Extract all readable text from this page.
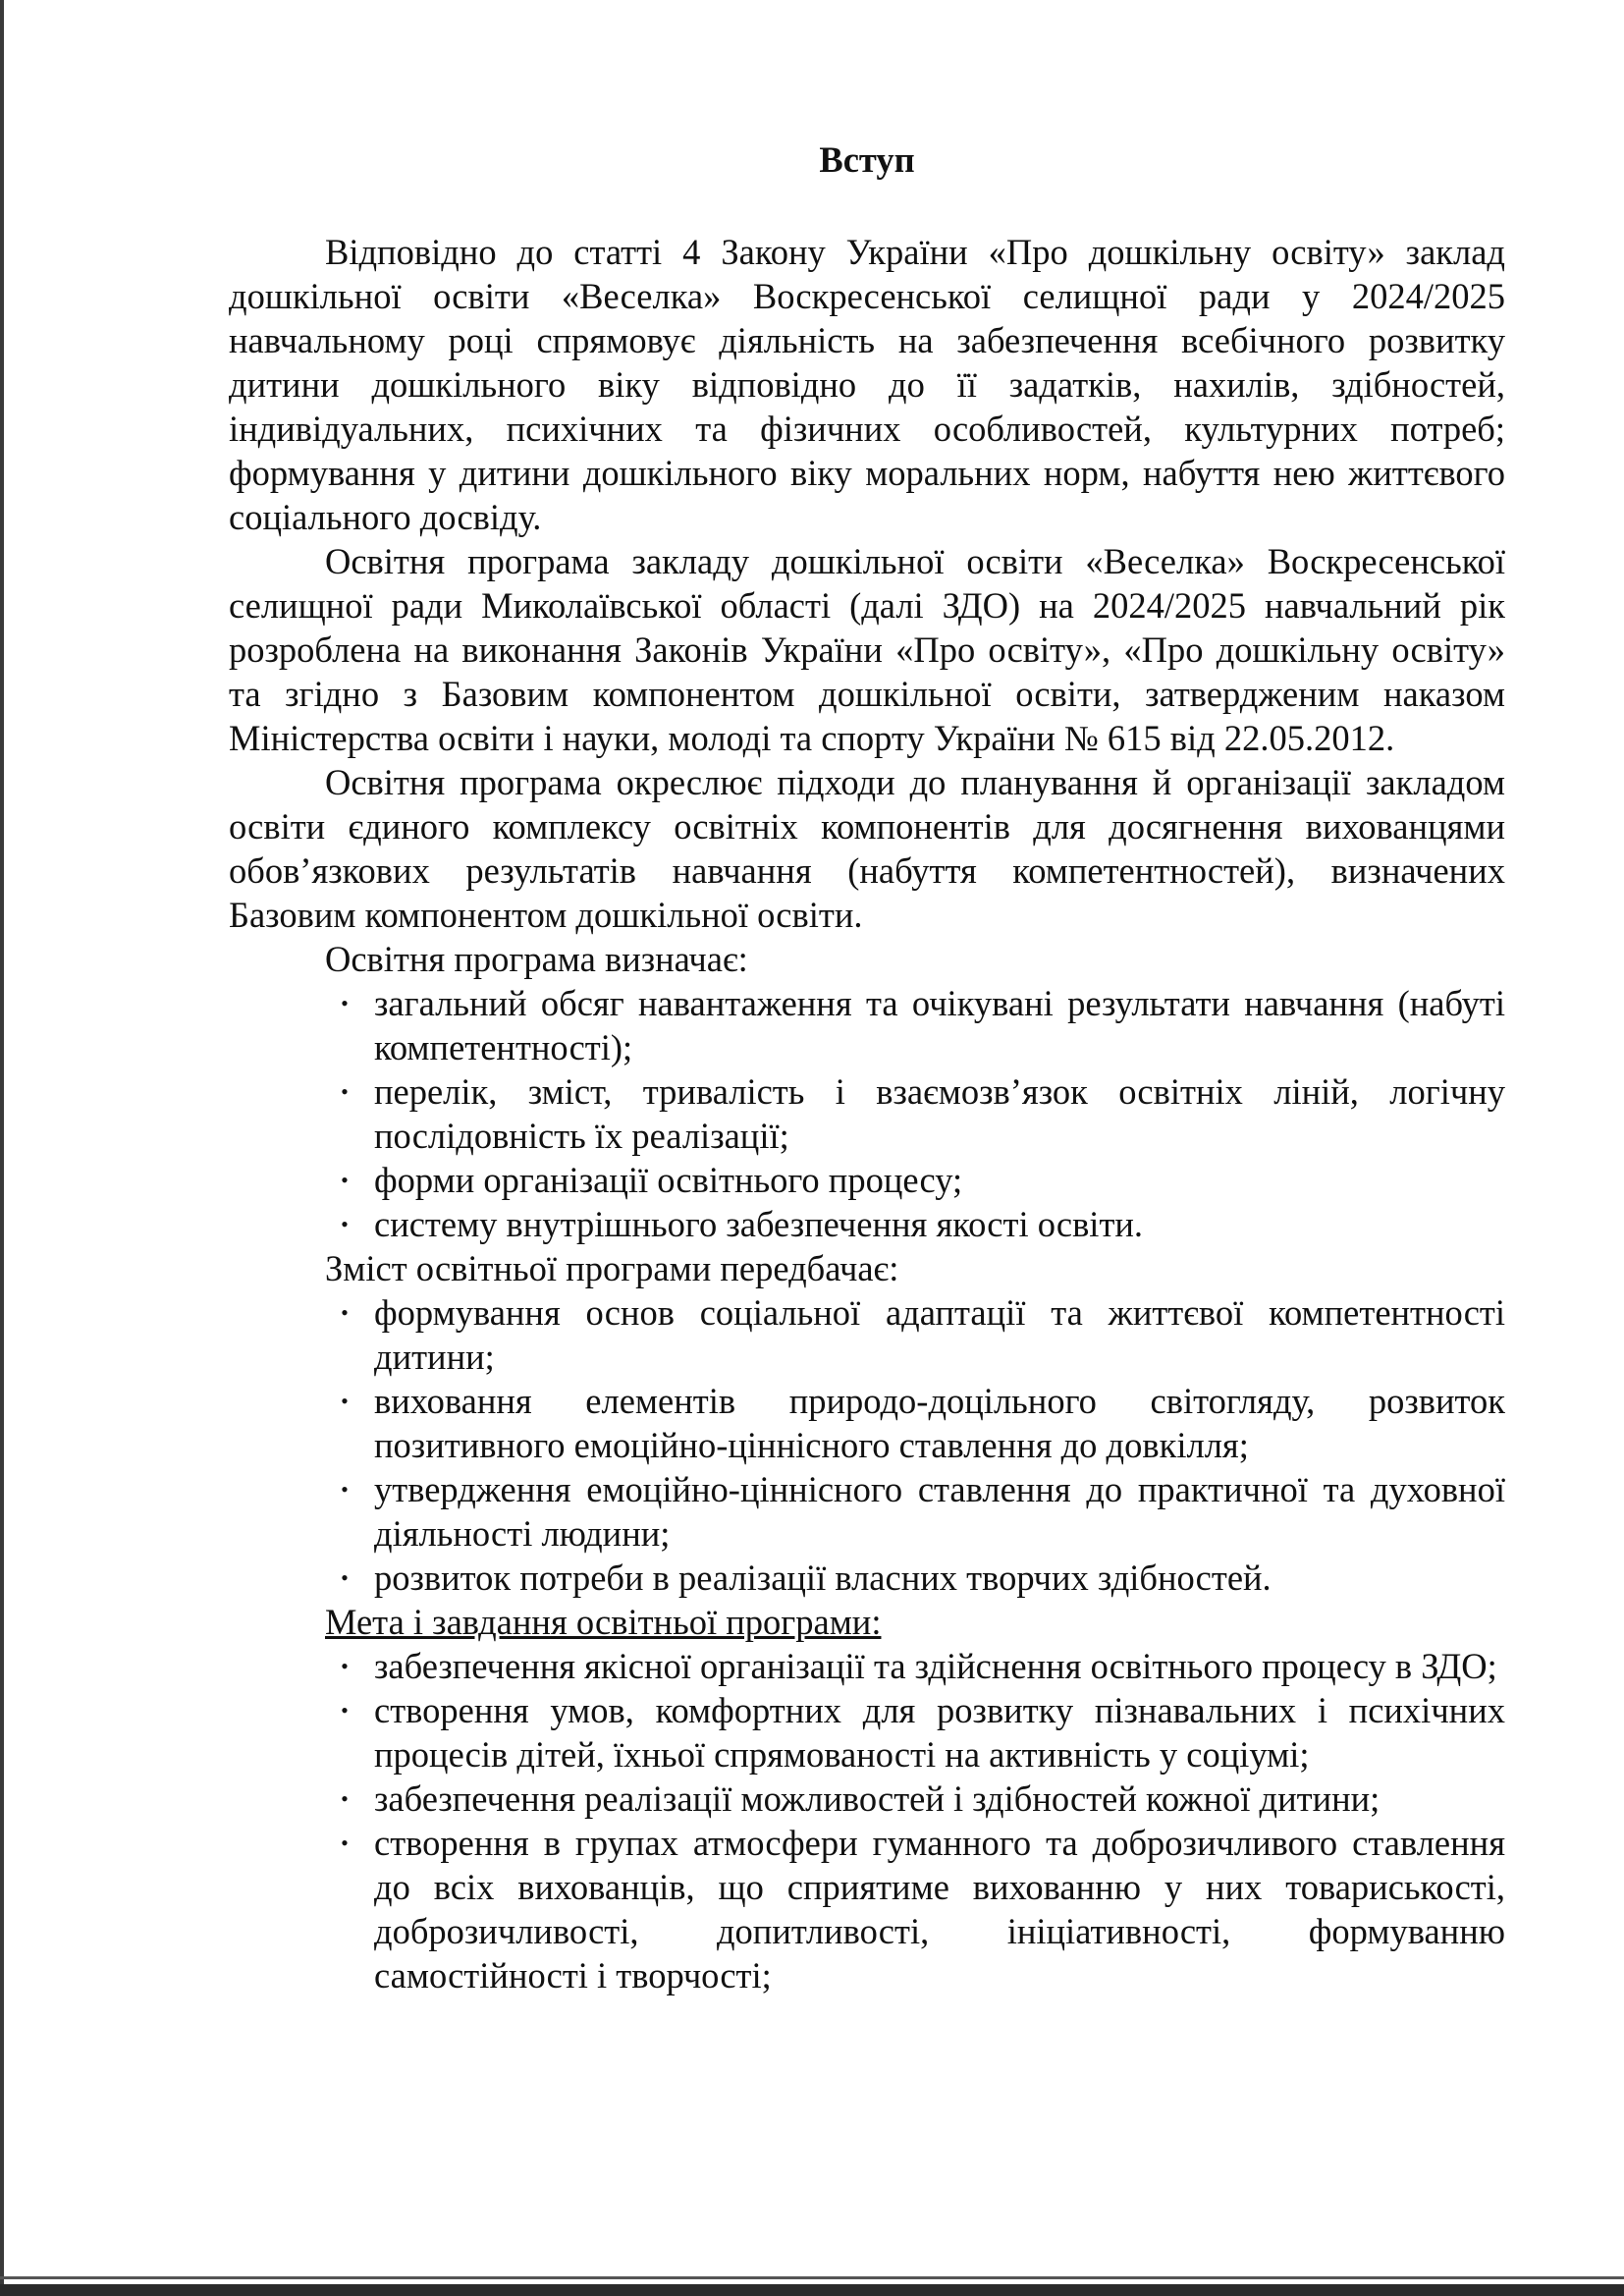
Вступ

Відповідно до статті 4 Закону України «Про дошкільну освіту» заклад дошкільної освіти «Веселка» Воскресенської селищної ради у 2024/2025 навчальному році спрямовує діяльність на забезпечення всебічного розвитку дитини дошкільного віку відповідно до її задатків, нахилів, здібностей, індивідуальних, психічних та фізичних особливостей, культурних потреб; формування у дитини дошкільного віку моральних норм, набуття нею життєвого соціального досвіду.

Освітня програма закладу дошкільної освіти «Веселка» Воскресенської селищної ради Миколаївської області (далі ЗДО) на 2024/2025 навчальний рік розроблена на виконання Законів України «Про освіту», «Про дошкільну освіту» та згідно з Базовим компонентом дошкільної освіти, затвердженим наказом Міністерства освіти і науки, молоді та спорту України № 615 від 22.05.2012.

Освітня програма окреслює підходи до планування й організації закладом освіти єдиного комплексу освітніх компонентів для досягнення вихованцями обов’язкових результатів навчання (набуття компетентностей), визначених Базовим компонентом дошкільної освіти.

Освітня програма визначає:

• загальний обсяг навантаження та очікувані результати навчання (набуті компетентності);
• перелік, зміст, тривалість і взаємозв’язок освітніх ліній, логічну послідовність їх реалізації;
• форми організації освітнього процесу;
• систему внутрішнього забезпечення якості освіти.

Зміст освітньої програми передбачає:

• формування основ соціальної адаптації та життєвої компетентності дитини;
• виховання елементів природо-доцільного світогляду, розвиток позитивного емоційно-ціннісного ставлення до довкілля;
• утвердження емоційно-ціннісного ставлення до практичної та духовної діяльності людини;
• розвиток потреби в реалізації власних творчих здібностей.

Мета і завдання освітньої програми:

• забезпечення якісної організації та здійснення освітнього процесу в ЗДО;
• створення умов, комфортних для розвитку пізнавальних і психічних процесів дітей, їхньої спрямованості на активність у соціумі;
• забезпечення реалізації можливостей і здібностей кожної дитини;
• створення в групах атмосфери гуманного та доброзичливого ставлення до всіх вихованців, що сприятиме вихованню у них товариськості, доброзичливості, допитливості, ініціативності, формуванню самостійності і творчості;
